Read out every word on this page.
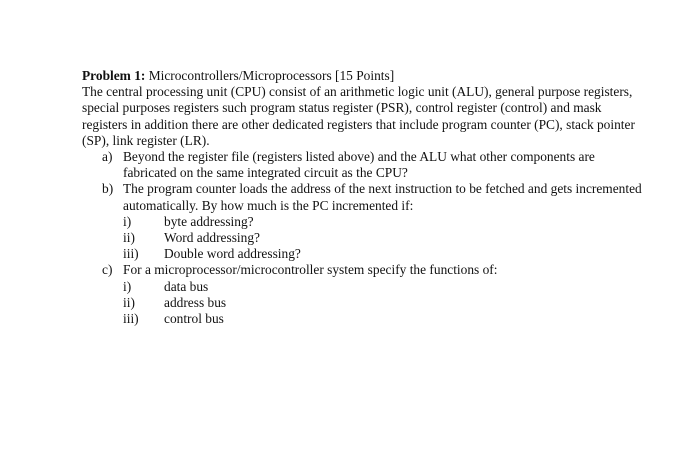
Problem 1: Microcontrollers/Microprocessors [15 Points]

The central processing unit (CPU) consist of an arithmetic logic unit (ALU), general purpose registers, special purposes registers such program status register (PSR), control register (control) and mask registers in addition there are other dedicated registers that include program counter (PC), stack pointer (SP), link register (LR).

a) Beyond the register file (registers listed above) and the ALU what other components are fabricated on the same integrated circuit as the CPU?
b) The program counter loads the address of the next instruction to be fetched and gets incremented automatically. By how much is the PC incremented if:
i) byte addressing?
ii) Word addressing?
iii) Double word addressing?
c) For a microprocessor/microcontroller system specify the functions of:
i) data bus
ii) address bus
iii) control bus
